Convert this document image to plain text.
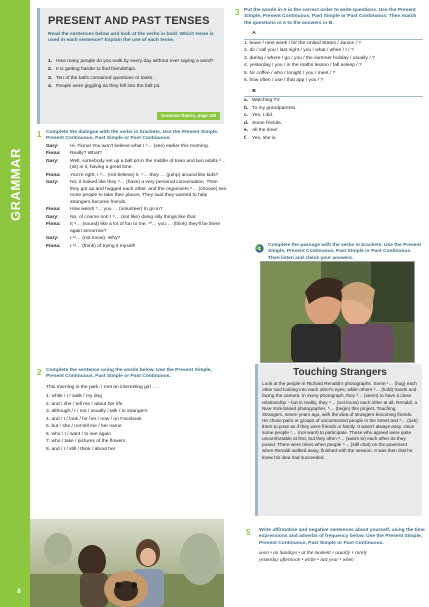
GRAMMAR
8
PRESENT AND PAST TENSES
Read the sentences below and look at the verbs in bold. Which tense is used in each sentence? Explain the use of each tense.
1. How many people do you walk by every day without ever saying a word?
2. It is getting harder to find friendships.
3. Ten of the balls contained questions or tasks.
4. People were giggling as they fell into the ball pit.
Grammar Basics, page 128
1 Complete the dialogue with the verbs in brackets. Use the Present Simple, Present Continuous, Past Simple or Past Continuous.
Gary:	Hi, Fiona! You won't believe what I ¹… (see) earlier this morning.
Fiona:	Really? What?
Gary:	Well, somebody set up a ball pit in the middle of town and two adults ²… (sit) in it, having a great time.
Fiona:	You're right, I ³… (not believe) it. ⁴… they … (jump) around like kids?
Gary:	No, it looked like they ⁵… (have) a very personal conversation. Then they got up and hugged each other, and the organisers ⁶… (choose) two more people to take their places. They said they wanted to help strangers become friends.
Fiona:	How weird! ⁷… you … (volunteer) to go in?
Gary:	No, of course not! I ⁸… (not like) doing silly things like that.
Fiona:	It ⁹… (sound) like a lot of fun to me. ¹⁰… you … (think) they'll be there again tomorrow?
Gary:	I ¹¹… (not know). Why?
Fiona:	I ¹²… (think) of trying it myself!
2 Complete the sentence using the words below. Use the Present Simple, Present Continuous, Past Simple or Past Continuous.
This morning in the park, I met an interesting girl … .
1. while / I / walk / my dog
2. and / she / tell me / about her life
3. although / I / not / usually / talk / to strangers
4. and / I / look / for her / now / on Facebook
5. but / she / not tell me / her name
6. who / I / want / to see again
7. who / take / pictures of the flowers
8. and / I / still / think / about her
3 Put the words in A in the correct order to write questions. Use the Present Simple, Present Continuous, Past Simple or Past Continuous. Then match the questions in A to the answers in B.
A
1. leave / next week / for the United States / Janice / ?
2. do / call you / last night / you / what / when / I / ?
3. during / where / go / you / the summer holiday / usually / ?
4. yesterday / you / in the maths lesson / fall asleep / ?
5. for coffee / who / tonight / you / meet / ?
6. how often / use / that app / you / ?
B
a. Watching TV.
b. To my grandparents.
c. Yes, I did.
d. Some friends.
e. All the time!
f. Yes, she is.
4 Complete the passage with the verbs in brackets. Use the Present Simple, Present Continuous, Past Simple or Past Continuous. Then listen and check your answers.
Touching Strangers

Look at the people in Richard Renaldi's photographs. Some ¹… (hug) each other and looking into each other's eyes, while others ²… (hold) hands and facing the camera. In every photograph, they ³… (seem) to have a close relationship – but in reality, they ⁴… (not know) each other at all. Renaldi, a New York-based photographer, ⁵… (begin) this project, Touching Strangers, seven years ago, with the idea of strangers becoming friends. He chose pairs or groups of unconnected people in the street and ⁶… (ask) them to pose as if they were friends or family. It wasn't always easy, since some people ⁷… (not want) to participate. Those who agreed were quite uncomfortable at first, but they often ⁸… (warm to) each other as they posed. There were times when people ⁹… (still chat) on the pavement when Renaldi walked away, finished with the session. It was then that he knew his idea had succeeded.

5 Write affirmative and negative sentences about yourself, using the time expressions and adverbs of frequency below. Use the Present Simple, Present Continuous, Past Simple or Past Continuous.
soon • on Sundays • at the moment • usually • rarely
yesterday afternoon • while • last year • when
